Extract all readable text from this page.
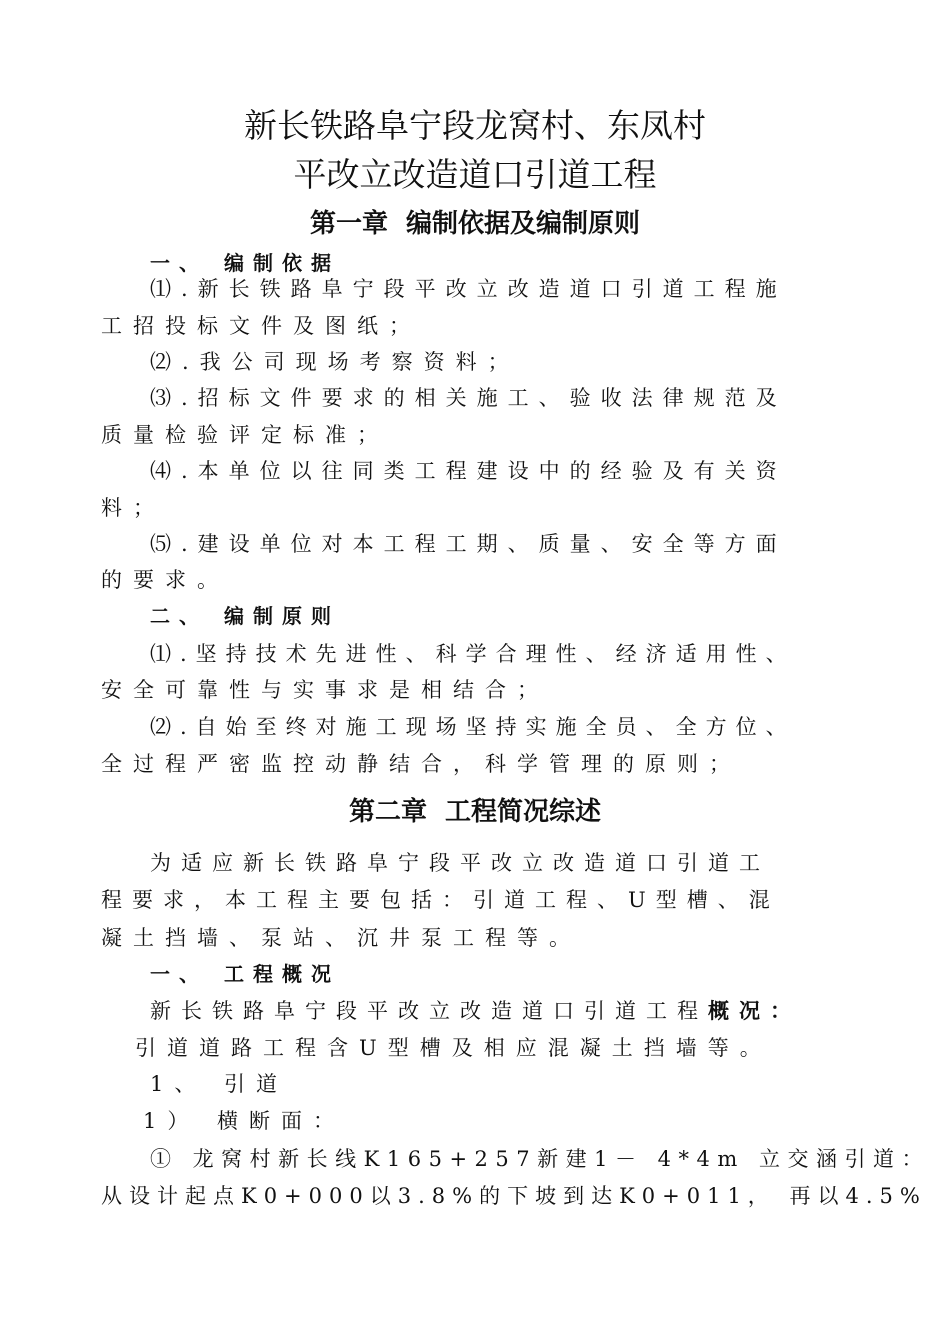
新长铁路阜宁段龙窝村、东凤村
平改立改造道口引道工程
第一章  编制依据及编制原则
一、 编制依据
⑴.新长铁路阜宁段平改立改造道口引道工程施
工招投标文件及图纸；
⑵.我公司现场考察资料；
⑶.招标文件要求的相关施工、验收法律规范及
质量检验评定标准；
⑷.本单位以往同类工程建设中的经验及有关资
料；
⑸.建设单位对本工程工期、质量、安全等方面
的要求。
二、 编制原则
⑴.坚持技术先进性、科学合理性、经济适用性、
安全可靠性与实事求是相结合；
⑵.自始至终对施工现场坚持实施全员、全方位、
全过程严密监控动静结合，科学管理的原则；
第二章  工程简况综述
为适应新长铁路阜宁段平改立改造道口引道工
程要求，本工程主要包括：引道工程、U型槽、混
凝土挡墙、泵站、沉井泵工程等。
一、 工程概况
新长铁路阜宁段平改立改造道口引道工程概况：
引道道路工程含U型槽及相应混凝土挡墙等。
1、 引道
1） 横断面：
① 龙窝村新长线K165+257新建1－ 4*4m 立交涵引道：
从设计起点K0+000以3.8%的下坡到达K0+011， 再以4.5%
